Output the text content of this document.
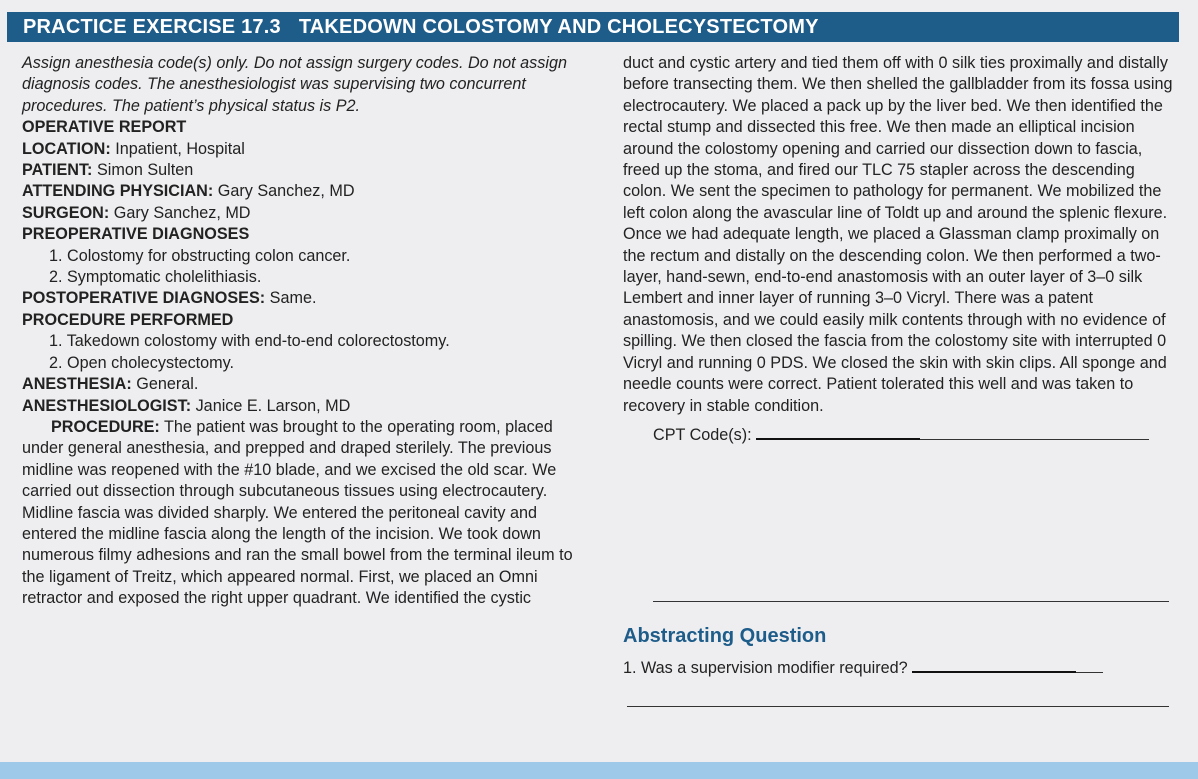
PRACTICE EXERCISE 17.3 TAKEDOWN COLOSTOMY AND CHOLECYSTECTOMY

Assign anesthesia code(s) only. Do not assign surgery codes. Do not assign diagnosis codes. The anesthesiologist was supervising two concurrent procedures. The patient’s physical status is P2.

OPERATIVE REPORT

LOCATION: Inpatient, Hospital

PATIENT: Simon Sulten

ATTENDING PHYSICIAN: Gary Sanchez, MD

SURGEON: Gary Sanchez, MD

PREOPERATIVE DIAGNOSES

1. Colostomy for obstructing colon cancer.
2. Symptomatic cholelithiasis.

POSTOPERATIVE DIAGNOSES: Same.

PROCEDURE PERFORMED

1. Takedown colostomy with end-to-end colorectostomy.
2. Open cholecystectomy.

ANESTHESIA: General.

ANESTHESIOLOGIST: Janice E. Larson, MD

PROCEDURE: The patient was brought to the operating room, placed under general anesthesia, and prepped and draped sterilely. The previous midline was reopened with the #10 blade, and we excised the old scar. We carried out dissection through subcutaneous tissues using electrocautery. Midline fascia was divided sharply. We entered the peritoneal cavity and entered the midline fascia along the length of the incision. We took down numerous filmy adhesions and ran the small bowel from the terminal ileum to the ligament of Treitz, which appeared normal. First, we placed an Omni retractor and exposed the right upper quadrant. We identified the cystic

duct and cystic artery and tied them off with 0 silk ties proximally and distally before transecting them. We then shelled the gallbladder from its fossa using electrocautery. We placed a pack up by the liver bed. We then identified the rectal stump and dissected this free. We then made an elliptical incision around the colostomy opening and carried our dissection down to fascia, freed up the stoma, and fired our TLC 75 stapler across the descending colon. We sent the specimen to pathology for permanent. We mobilized the left colon along the avascular line of Toldt up and around the splenic flexure. Once we had adequate length, we placed a Glassman clamp proximally on the rectum and distally on the descending colon. We then performed a two-layer, hand-sewn, end-to-end anastomosis with an outer layer of 3–0 silk Lembert and inner layer of running 3–0 Vicryl. There was a patent anastomosis, and we could easily milk contents through with no evidence of spilling. We then closed the fascia from the colostomy site with interrupted 0 Vicryl and running 0 PDS. We closed the skin with skin clips. All sponge and needle counts were correct. Patient tolerated this well and was taken to recovery in stable condition.

CPT Code(s):
Abstracting Question
1. Was a supervision modifier required?
